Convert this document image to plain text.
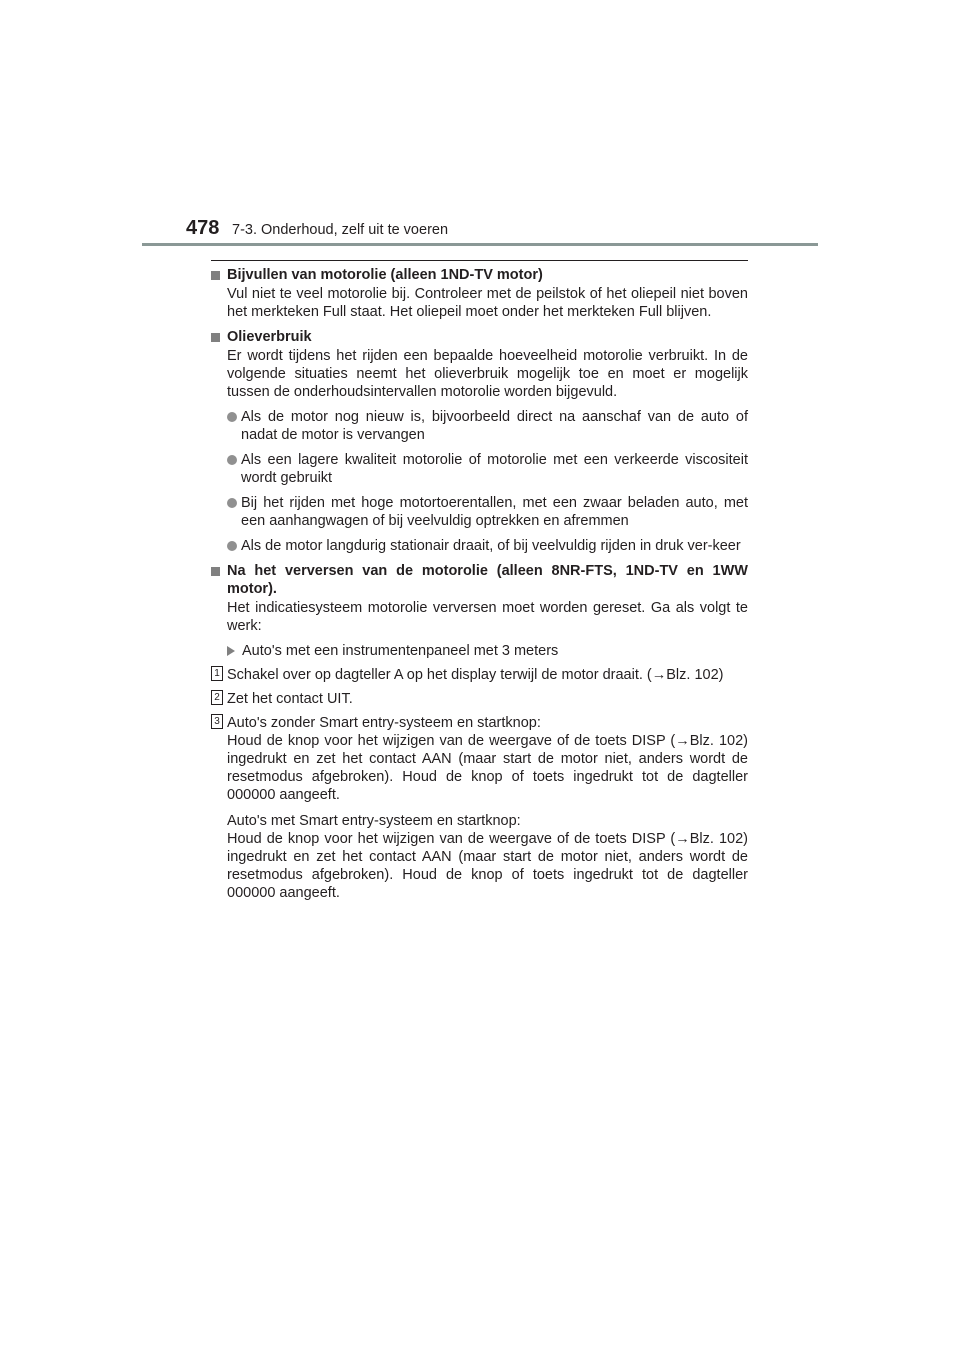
478 7-3. Onderhoud, zelf uit te voeren
Bijvullen van motorolie (alleen 1ND-TV motor)
Vul niet te veel motorolie bij. Controleer met de peilstok of het oliepeil niet boven het merkteken Full staat. Het oliepeil moet onder het merkteken Full blijven.
Olieverbruik
Er wordt tijdens het rijden een bepaalde hoeveelheid motorolie verbruikt. In de volgende situaties neemt het olieverbruik mogelijk toe en moet er mogelijk tussen de onderhoudsintervallen motorolie worden bijgevuld.
Als de motor nog nieuw is, bijvoorbeeld direct na aanschaf van de auto of nadat de motor is vervangen
Als een lagere kwaliteit motorolie of motorolie met een verkeerde viscositeit wordt gebruikt
Bij het rijden met hoge motortoerentallen, met een zwaar beladen auto, met een aanhangwagen of bij veelvuldig optrekken en afremmen
Als de motor langdurig stationair draait, of bij veelvuldig rijden in druk ver-keer
Na het verversen van de motorolie (alleen 8NR-FTS, 1ND-TV en 1WW motor).
Het indicatiesysteem motorolie verversen moet worden gereset. Ga als volgt te werk:
Auto's met een instrumentenpaneel met 3 meters
1 Schakel over op dagteller A op het display terwijl de motor draait. (→Blz. 102)
2 Zet het contact UIT.
3 Auto's zonder Smart entry-systeem en startknop:
Houd de knop voor het wijzigen van de weergave of de toets DISP (→Blz. 102) ingedrukt en zet het contact AAN (maar start de motor niet, anders wordt de resetmodus afgebroken). Houd de knop of toets ingedrukt tot de dagteller 000000 aangeeft.
Auto's met Smart entry-systeem en startknop:
Houd de knop voor het wijzigen van de weergave of de toets DISP (→Blz. 102) ingedrukt en zet het contact AAN (maar start de motor niet, anders wordt de resetmodus afgebroken). Houd de knop of toets ingedrukt tot de dagteller 000000 aangeeft.
